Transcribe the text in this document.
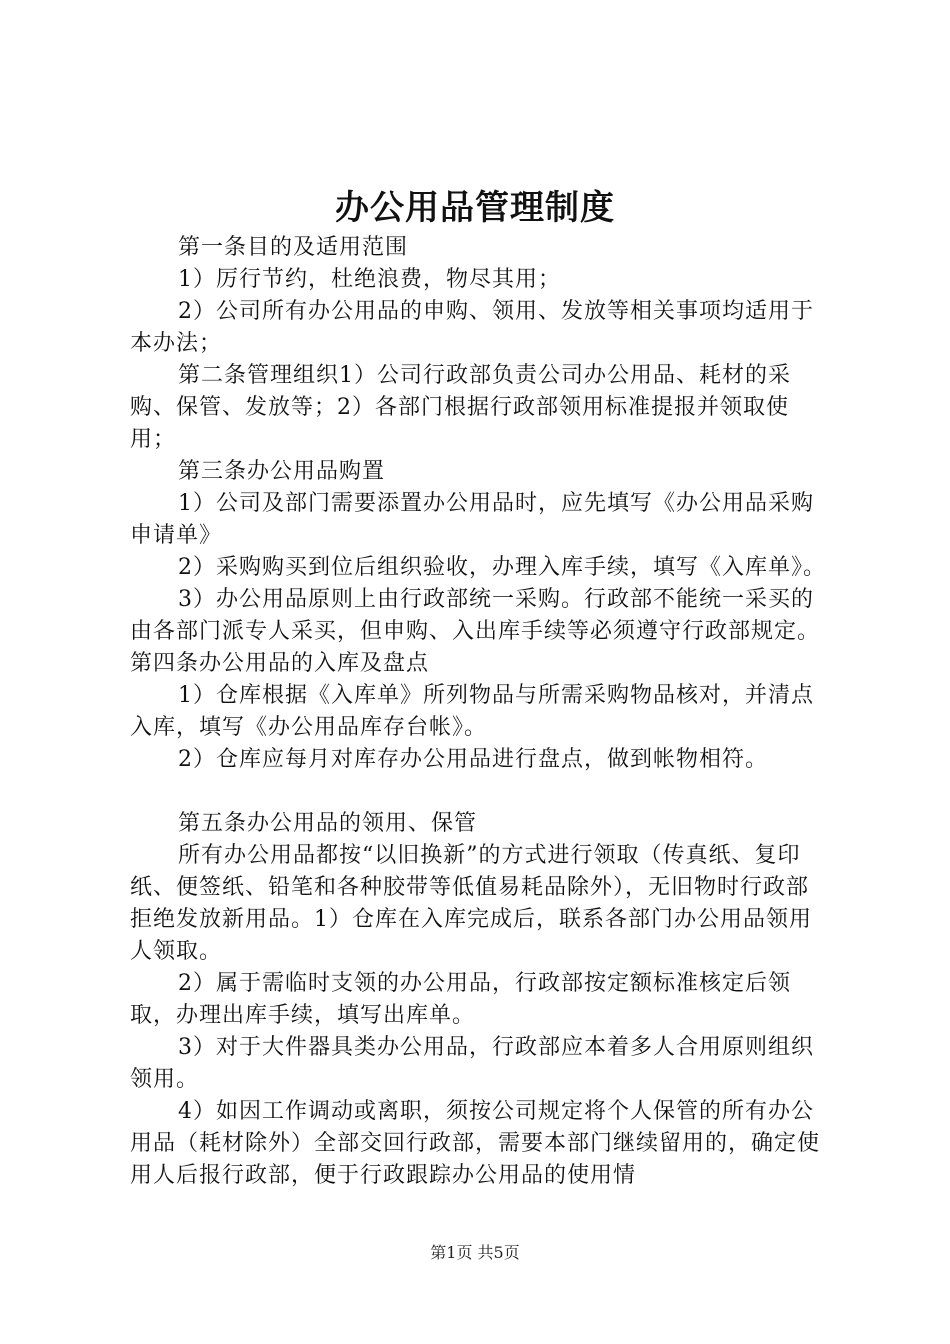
办公用品管理制度

第一条目的及适用范围

1）厉行节约，杜绝浪费，物尽其用；

2）公司所有办公用品的申购、领用、发放等相关事项均适用于本办法；

第二条管理组织1）公司行政部负责公司办公用品、耗材的采购、保管、发放等；2）各部门根据行政部领用标准提报并领取使用；

第三条办公用品购置

1）公司及部门需要添置办公用品时，应先填写《办公用品采购申请单》

2）采购购买到位后组织验收，办理入库手续，填写《入库单》。

3）办公用品原则上由行政部统一采购。行政部不能统一采买的由各部门派专人采买，但申购、入出库手续等必须遵守行政部规定。第四条办公用品的入库及盘点

1）仓库根据《入库单》所列物品与所需采购物品核对，并清点入库，填写《办公用品库存台帐》。

2）仓库应每月对库存办公用品进行盘点，做到帐物相符。

第五条办公用品的领用、保管

所有办公用品都按“以旧换新”的方式进行领取（传真纸、复印纸、便签纸、铅笔和各种胶带等低值易耗品除外），无旧物时行政部拒绝发放新用品。1）仓库在入库完成后，联系各部门办公用品领用人领取。

2）属于需临时支领的办公用品，行政部按定额标准核定后领取，办理出库手续，填写出库单。

3）对于大件器具类办公用品，行政部应本着多人合用原则组织领用。

4）如因工作调动或离职，须按公司规定将个人保管的所有办公用品（耗材除外）全部交回行政部，需要本部门继续留用的，确定使用人后报行政部，便于行政跟踪办公用品的使用情

第1页 共5页
